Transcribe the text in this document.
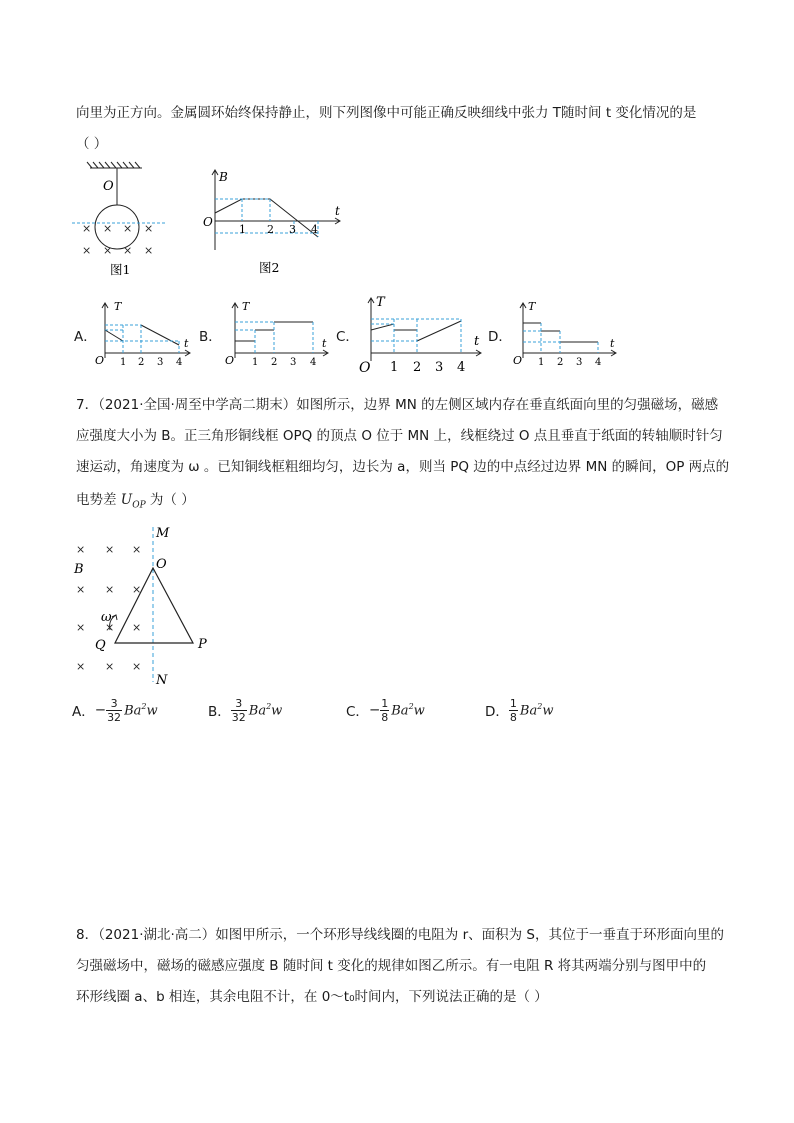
向里为正方向。金属圆环始终保持静止，则下列图像中可能正确反映细线中张力 T随时间 t 变化情况的是
（ ）
O
× × × ×
× × × ×
图1
B
t
O
1 2 3 4
图2
A．
T
t
O 1 2 3 4
B．
T
t
O 1 2 3 4
C．
T
t
O 1 2 3 4
D．
T
t
O 1 2 3 4
7．（2021·全国·周至中学高二期末）如图所示，边界 MN 的左侧区域内存在垂直纸面向里的匀强磁场，磁感
应强度大小为 B。正三角形铜线框 OPQ 的顶点 O 位于 MN 上，线框绕过 O 点且垂直于纸面的转轴顺时针匀
速运动，角速度为 ω 。已知铜线框粗细均匀，边长为 a，则当 PQ 边的中点经过边界 MN 的瞬间，OP 两点的
电势差 $U_{OP}$ 为（ ）
M
N
O
P
Q
B
ω
× × ×
× × ×
× × ×
× × ×
A． − $\frac{3}{32} Ba^2w$	B． $\frac{3}{32} Ba^2w$	C． − $\frac{1}{8} Ba^2w$	D． $\frac{1}{8} Ba^2w$
8．（2021·湖北·高二）如图甲所示，一个环形导线线圈的电阻为 r、面积为 S，其位于一垂直于环形面向里的
匀强磁场中，磁场的磁感应强度 B 随时间 t 变化的规律如图乙所示。有一电阻 R 将其两端分别与图甲中的
环形线圈 a、b 相连，其余电阻不计，在 0～t₀时间内，下列说法正确的是（ ）
